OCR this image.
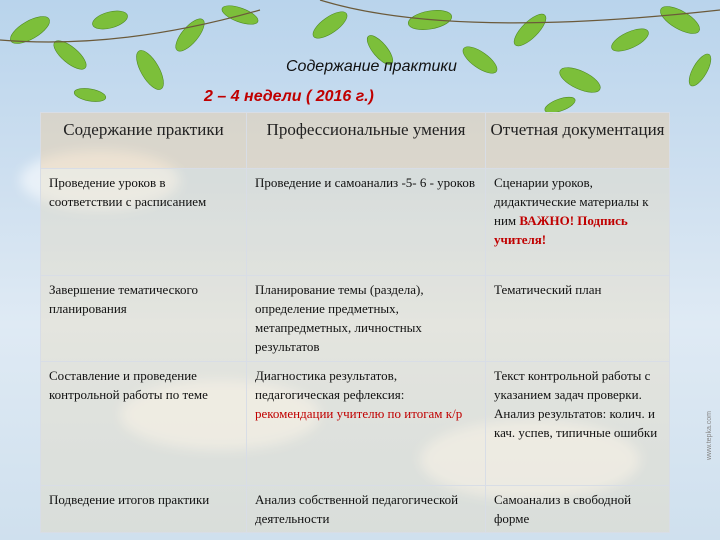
Содержание практики

2 – 4 недели ( 2016 г.)

Содержание практики	Профессиональные умения	Отчетная документация
Проведение уроков в соответствии с расписанием	Проведение и самоанализ -5- 6 - уроков	Сценарии уроков, дидактические материалы к ним ВАЖНО! Подпись учителя!
Завершение тематического планирования	Планирование темы (раздела), определение предметных, метапредметных, личностных результатов	Тематический план
Составление и проведение контрольной работы по теме	Диагностика результатов, педагогическая рефлексия: рекомендации учителю по итогам к/р	Текст контрольной работы с указанием задач проверки. Анализ результатов: колич. и кач. успев, типичные ошибки
Подведение итогов практики	Анализ собственной педагогической деятельности	Самоанализ в свободной форме
www.tepka.com
